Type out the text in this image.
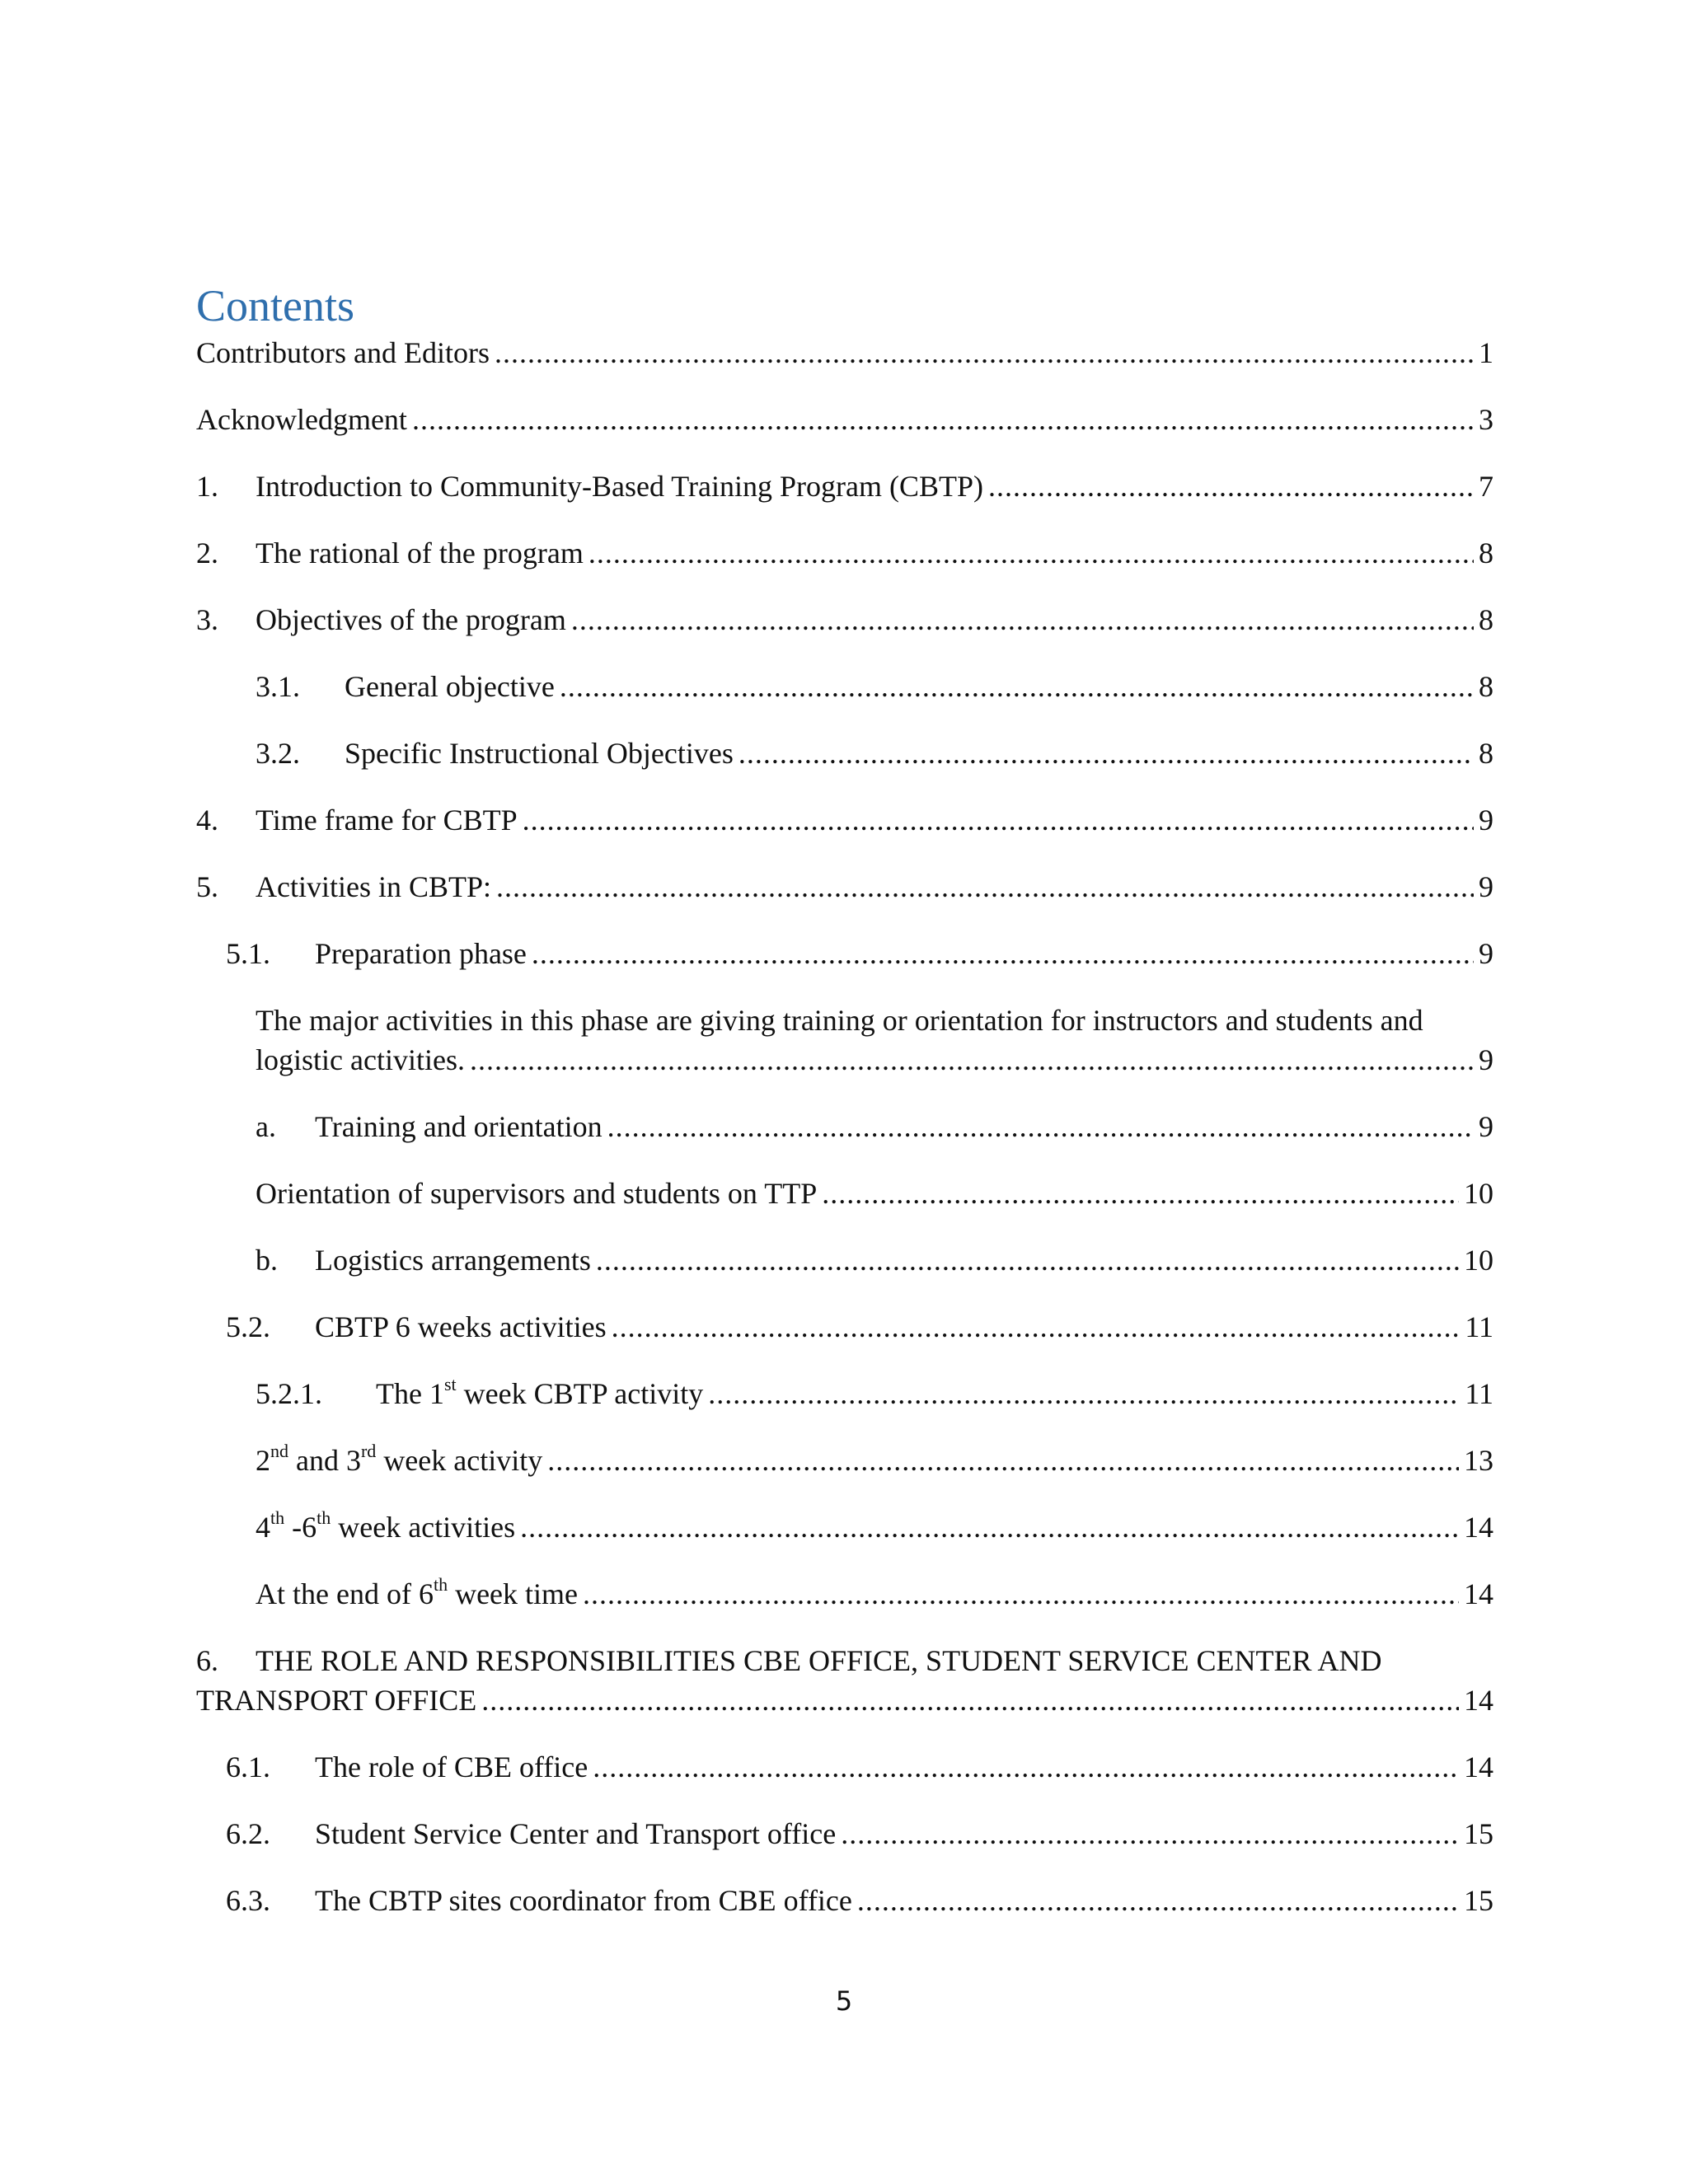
Contents
Contributors and Editors .....	1
Acknowledgment .....	3
1.	Introduction to Community-Based Training Program (CBTP) .....	7
2.	The rational of the program .....	8
3.	Objectives of the program .....	8
3.1.	General objective .....	8
3.2.	Specific Instructional Objectives .....	8
4.	Time frame for CBTP .....	9
5.	Activities in CBTP: .....	9
5.1.	Preparation phase .....	9
The major activities in this phase are giving training or orientation for instructors and students and
logistic activities. .....	9
a.	Training and orientation .....	9
Orientation of supervisors and students on TTP .....	10
b.	Logistics arrangements .....	10
5.2.	CBTP 6 weeks activities .....	11
5.2.1.	The 1st week CBTP activity .....	11
2nd and 3rd week activity .....	13
4th -6th week activities .....	14
At the end of 6th week time .....	14
6. THE ROLE AND RESPONSIBILITIES CBE OFFICE, STUDENT SERVICE CENTER AND
TRANSPORT OFFICE .....	14
6.1.	The role of CBE office .....	14
6.2.	Student Service Center and Transport office .....	15
6.3.	The CBTP sites coordinator from CBE office .....	15
5
